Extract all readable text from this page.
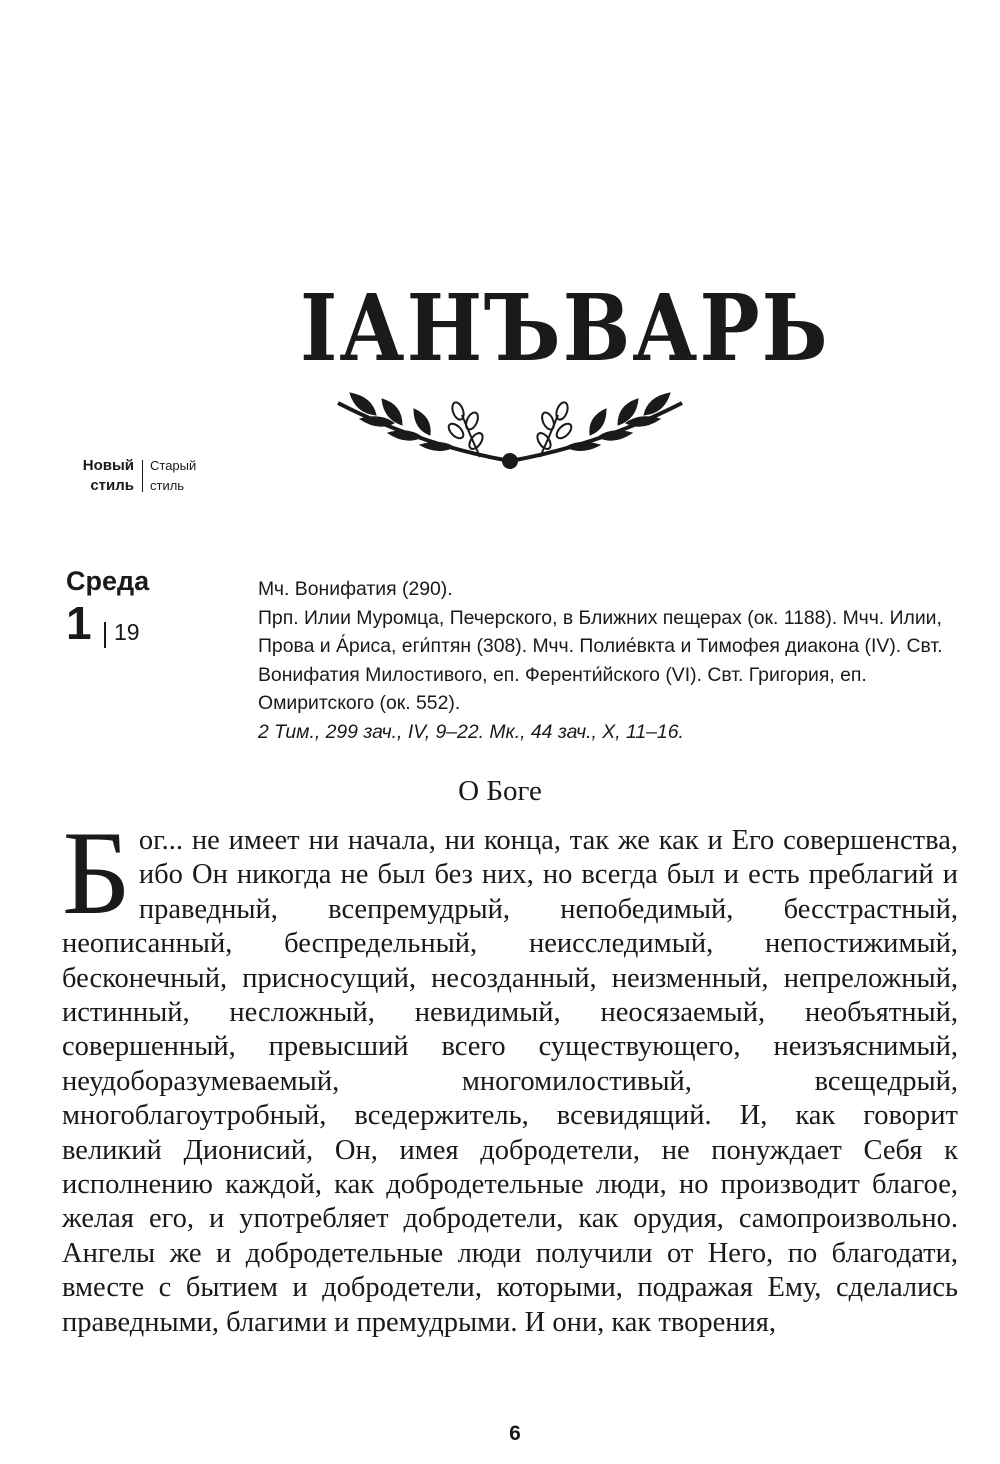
ІАНЪВАРЬ
Новый
стиль
Старый
стиль
Среда
1 19
Мч. Вонифатия (290).
Прп. Илии Муромца, Печерского, в Ближних пещерах (ок. 1188). Мчч. Илии, Прова и А́риса, еги́птян (308). Мчч. Полие́вкта и Тимофея диакона (IV). Свт. Вонифатия Милостивого, еп. Ференти́йского (VI). Свт. Григория, еп. Омиритского (ок. 552).
2 Тим., 299 зач., IV, 9–22. Мк., 44 зач., X, 11–16.
О Боге

Бог... не имеет ни начала, ни конца, так же как и Его совершенства, ибо Он никогда не был без них, но всегда был и есть преблагий и праведный, всепремудрый, непобедимый, бесстрастный, неописанный, беспредельный, неисследимый, непостижимый, бесконечный, присносущий, несозданный, неизменный, непреложный, истинный, несложный, невидимый, неосязаемый, необъятный, совершенный, превысший всего существующего, неизъяснимый, неудоборазумеваемый, многомилостивый, всещедрый, многоблагоутробный, вседержитель, всевидящий. И, как говорит великий Дионисий, Он, имея добродетели, не понуждает Себя к исполнению каждой, как добродетельные люди, но производит благое, желая его, и употребляет добродетели, как орудия, самопроизвольно. Ангелы же и добродетельные люди получили от Него, по благодати, вместе с бытием и добродетели, которыми, подражая Ему, сделались праведными, благими и премудрыми. И они, как творения,

6
